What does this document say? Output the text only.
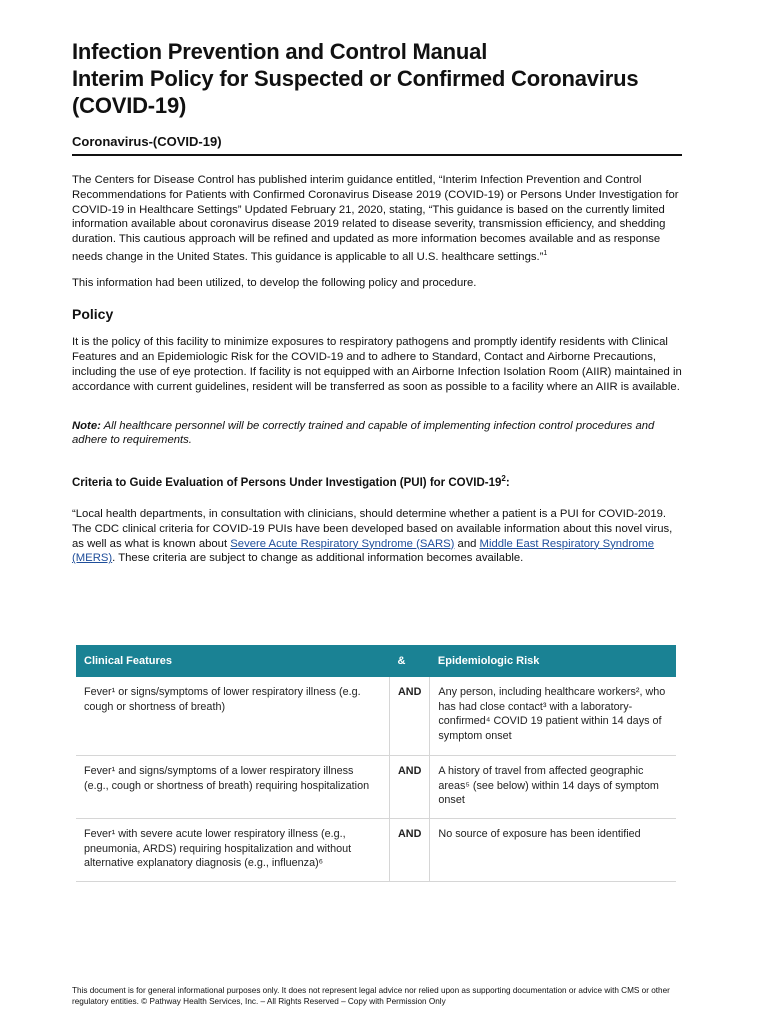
Infection Prevention and Control Manual
Interim Policy for Suspected or Confirmed Coronavirus
(COVID-19)
Coronavirus-(COVID-19)

The Centers for Disease Control has published interim guidance entitled, “Interim Infection Prevention and Control Recommendations for Patients with Confirmed Coronavirus Disease 2019 (COVID-19) or Persons Under Investigation for COVID-19 in Healthcare Settings” Updated February 21, 2020, stating, “This guidance is based on the currently limited information available about coronavirus disease 2019 related to disease severity, transmission efficiency, and shedding duration. This cautious approach will be refined and updated as more information becomes available and as response needs change in the United States. This guidance is applicable to all U.S. healthcare settings.”$^1$

This information had been utilized, to develop the following policy and procedure.

Policy

It is the policy of this facility to minimize exposures to respiratory pathogens and promptly identify residents with Clinical Features and an Epidemiologic Risk for the COVID-19 and to adhere to Standard, Contact and Airborne Precautions, including the use of eye protection. If facility is not equipped with an Airborne Infection Isolation Room (AIIR) maintained in accordance with current guidelines, resident will be transferred as soon as possible to a facility where an AIIR is available.

Note: All healthcare personnel will be correctly trained and capable of implementing infection control procedures and adhere to requirements.

Criteria to Guide Evaluation of Persons Under Investigation (PUI) for COVID-$19^2$:

“Local health departments, in consultation with clinicians, should determine whether a patient is a PUI for COVID-2019. The CDC clinical criteria for COVID-19 PUIs have been developed based on available information about this novel virus, as well as what is known about Severe Acute Respiratory Syndrome (SARS) and Middle East Respiratory Syndrome (MERS). These criteria are subject to change as additional information becomes available.

Clinical Features	&	Epidemiologic Risk
Fever¹ or signs/symptoms of lower respiratory illness (e.g. cough or shortness of breath)	AND	Any person, including healthcare workers², who has had close contact³ with a laboratory-confirmed⁴ COVID 19 patient within 14 days of symptom onset
Fever¹ and signs/symptoms of a lower respiratory illness (e.g., cough or shortness of breath) requiring hospitalization	AND	A history of travel from affected geographic areas⁵ (see below) within 14 days of symptom onset
Fever¹ with severe acute lower respiratory illness (e.g., pneumonia, ARDS) requiring hospitalization and without alternative explanatory diagnosis (e.g., influenza)⁶	AND	No source of exposure has been identified
This document is for general informational purposes only. It does not represent legal advice nor relied upon as supporting documentation or advice with CMS or other regulatory entities. © Pathway Health Services, Inc. – All Rights Reserved – Copy with Permission Only
